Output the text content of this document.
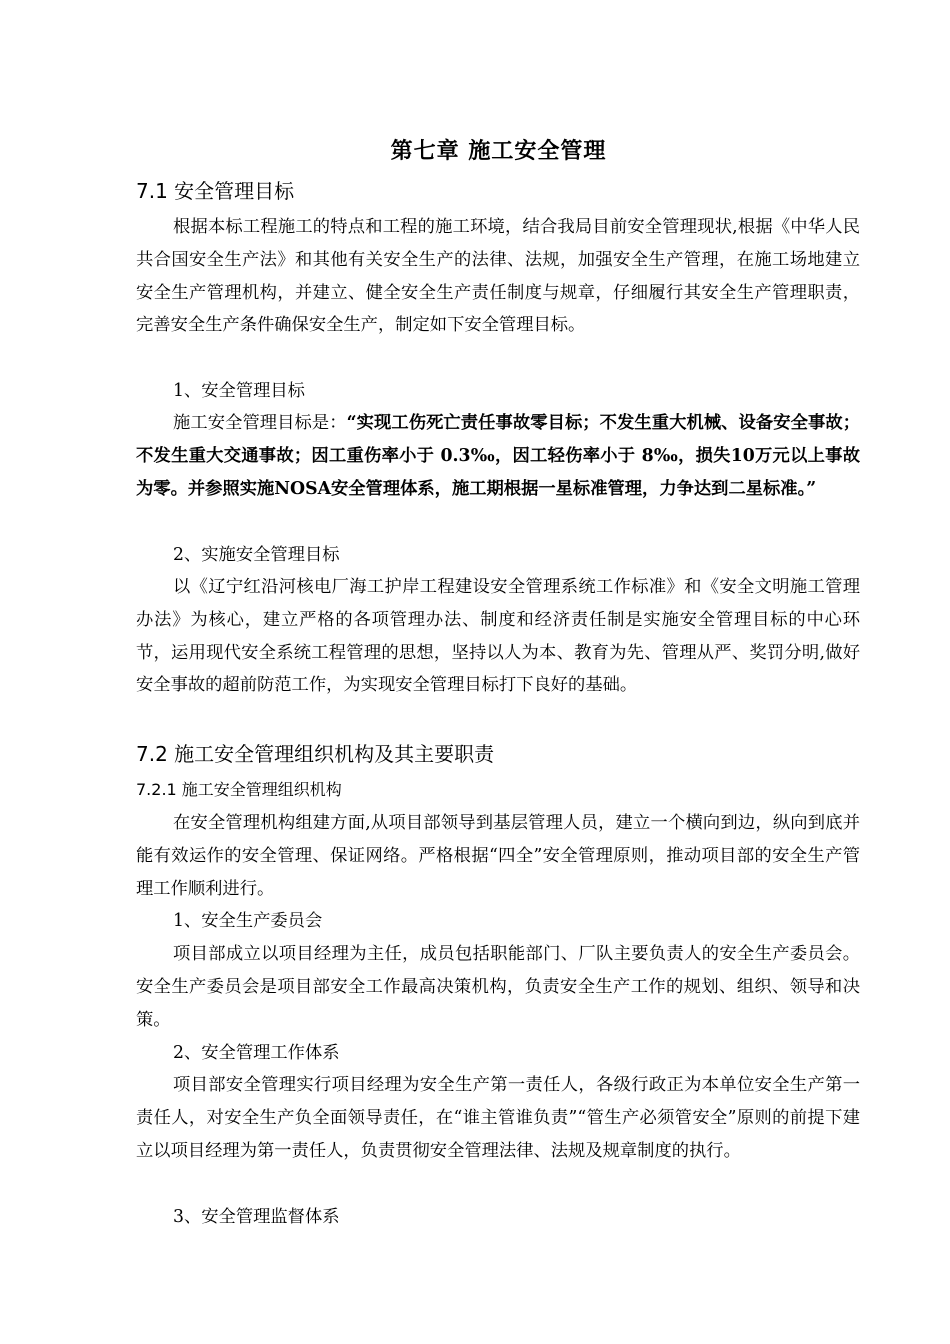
第七章 施工安全管理
7.1 安全管理目标

根据本标工程施工的特点和工程的施工环境，结合我局目前安全管理现状,根据《中华人民共合国安全生产法》和其他有关安全生产的法律、法规，加强安全生产管理，在施工场地建立安全生产管理机构，并建立、健全安全生产责任制度与规章，仔细履行其安全生产管理职责，完善安全生产条件确保安全生产，制定如下安全管理目标。

1、安全管理目标

施工安全管理目标是：“实现工伤死亡责任事故零目标；不发生重大机械、设备安全事故；不发生重大交通事故；因工重伤率小于 0.3‰，因工轻伤率小于 8‰，损失10万元以上事故为零。并参照实施NOSA安全管理体系，施工期根据一星标准管理，力争达到二星标准。”

2、实施安全管理目标

以《辽宁红沿河核电厂海工护岸工程建设安全管理系统工作标准》和《安全文明施工管理办法》为核心，建立严格的各项管理办法、制度和经济责任制是实施安全管理目标的中心环节，运用现代安全系统工程管理的思想，坚持以人为本、教育为先、管理从严、奖罚分明,做好安全事故的超前防范工作，为实现安全管理目标打下良好的基础。

7.2 施工安全管理组织机构及其主要职责
7.2.1 施工安全管理组织机构

在安全管理机构组建方面,从项目部领导到基层管理人员，建立一个横向到边，纵向到底并能有效运作的安全管理、保证网络。严格根据“四全”安全管理原则，推动项目部的安全生产管理工作顺利进行。

1、安全生产委员会

项目部成立以项目经理为主任，成员包括职能部门、厂队主要负责人的安全生产委员会。安全生产委员会是项目部安全工作最高决策机构，负责安全生产工作的规划、组织、领导和决策。

2、安全管理工作体系

项目部安全管理实行项目经理为安全生产第一责任人，各级行政正为本单位安全生产第一责任人，对安全生产负全面领导责任，在“谁主管谁负责”“管生产必须管安全”原则的前提下建立以项目经理为第一责任人，负责贯彻安全管理法律、法规及规章制度的执行。

3、安全管理监督体系
